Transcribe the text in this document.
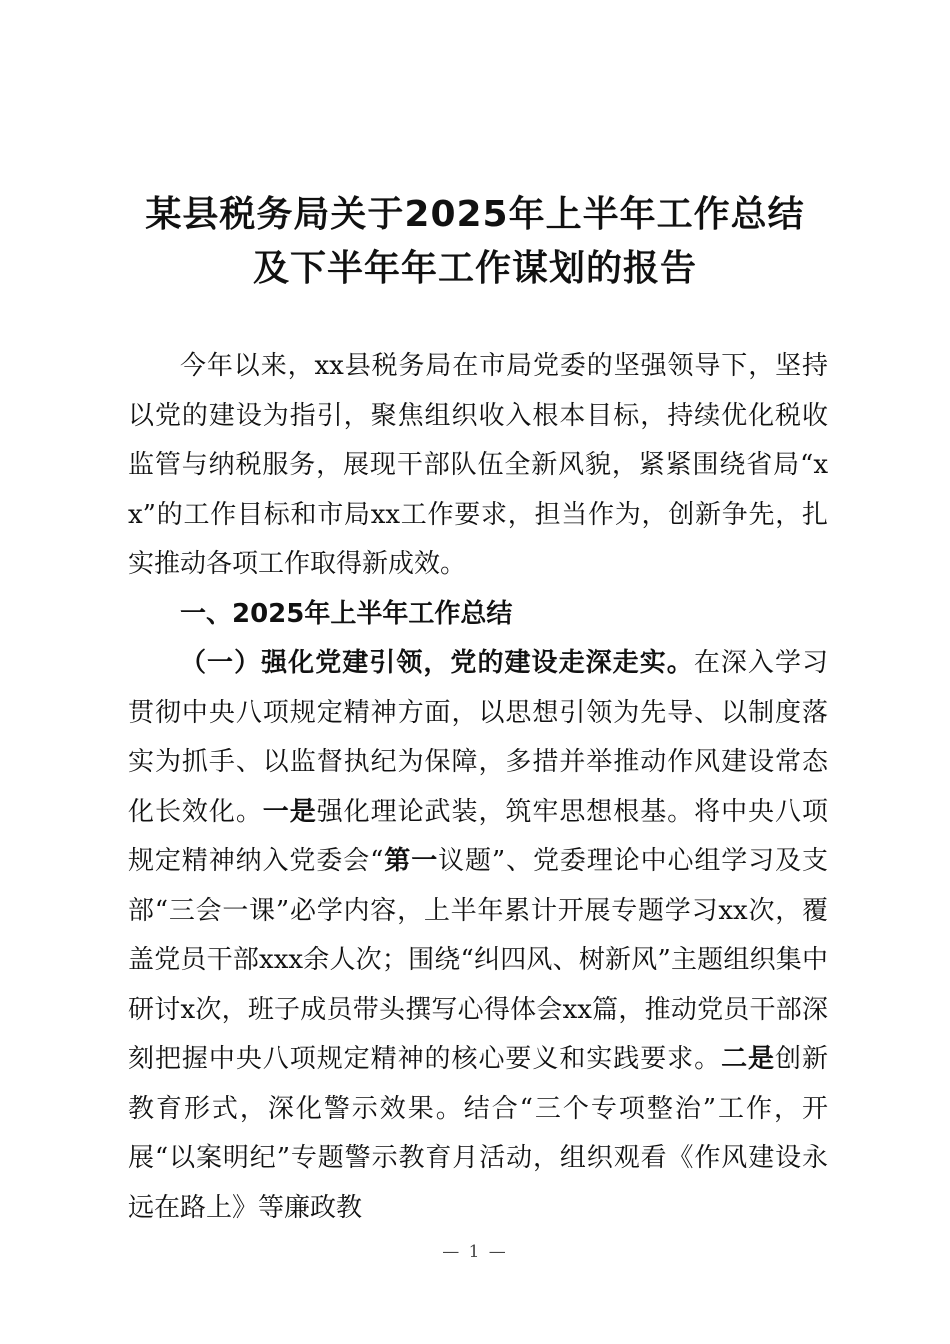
某县税务局关于2025年上半年工作总结
及下半年年工作谋划的报告

今年以来，xx县税务局在市局党委的坚强领导下，坚持以党的建设为指引，聚焦组织收入根本目标，持续优化税收监管与纳税服务，展现干部队伍全新风貌，紧紧围绕省局“xx”的工作目标和市局xx工作要求，担当作为，创新争先，扎实推动各项工作取得新成效。

一、2025年上半年工作总结

（一）强化党建引领，党的建设走深走实。在深入学习贯彻中央八项规定精神方面，以思想引领为先导、以制度落实为抓手、以监督执纪为保障，多措并举推动作风建设常态化长效化。一是强化理论武装，筑牢思想根基。将中央八项规定精神纳入党委会“第一议题”、党委理论中心组学习及支部“三会一课”必学内容，上半年累计开展专题学习xx次，覆盖党员干部xxx余人次；围绕“纠四风、树新风”主题组织集中研讨x次，班子成员带头撰写心得体会xx篇，推动党员干部深刻把握中央八项规定精神的核心要义和实践要求。二是创新教育形式，深化警示效果。结合“三个专项整治”工作，开展“以案明纪”专题警示教育月活动，组织观看《作风建设永远在路上》等廉政教

— 1 —
